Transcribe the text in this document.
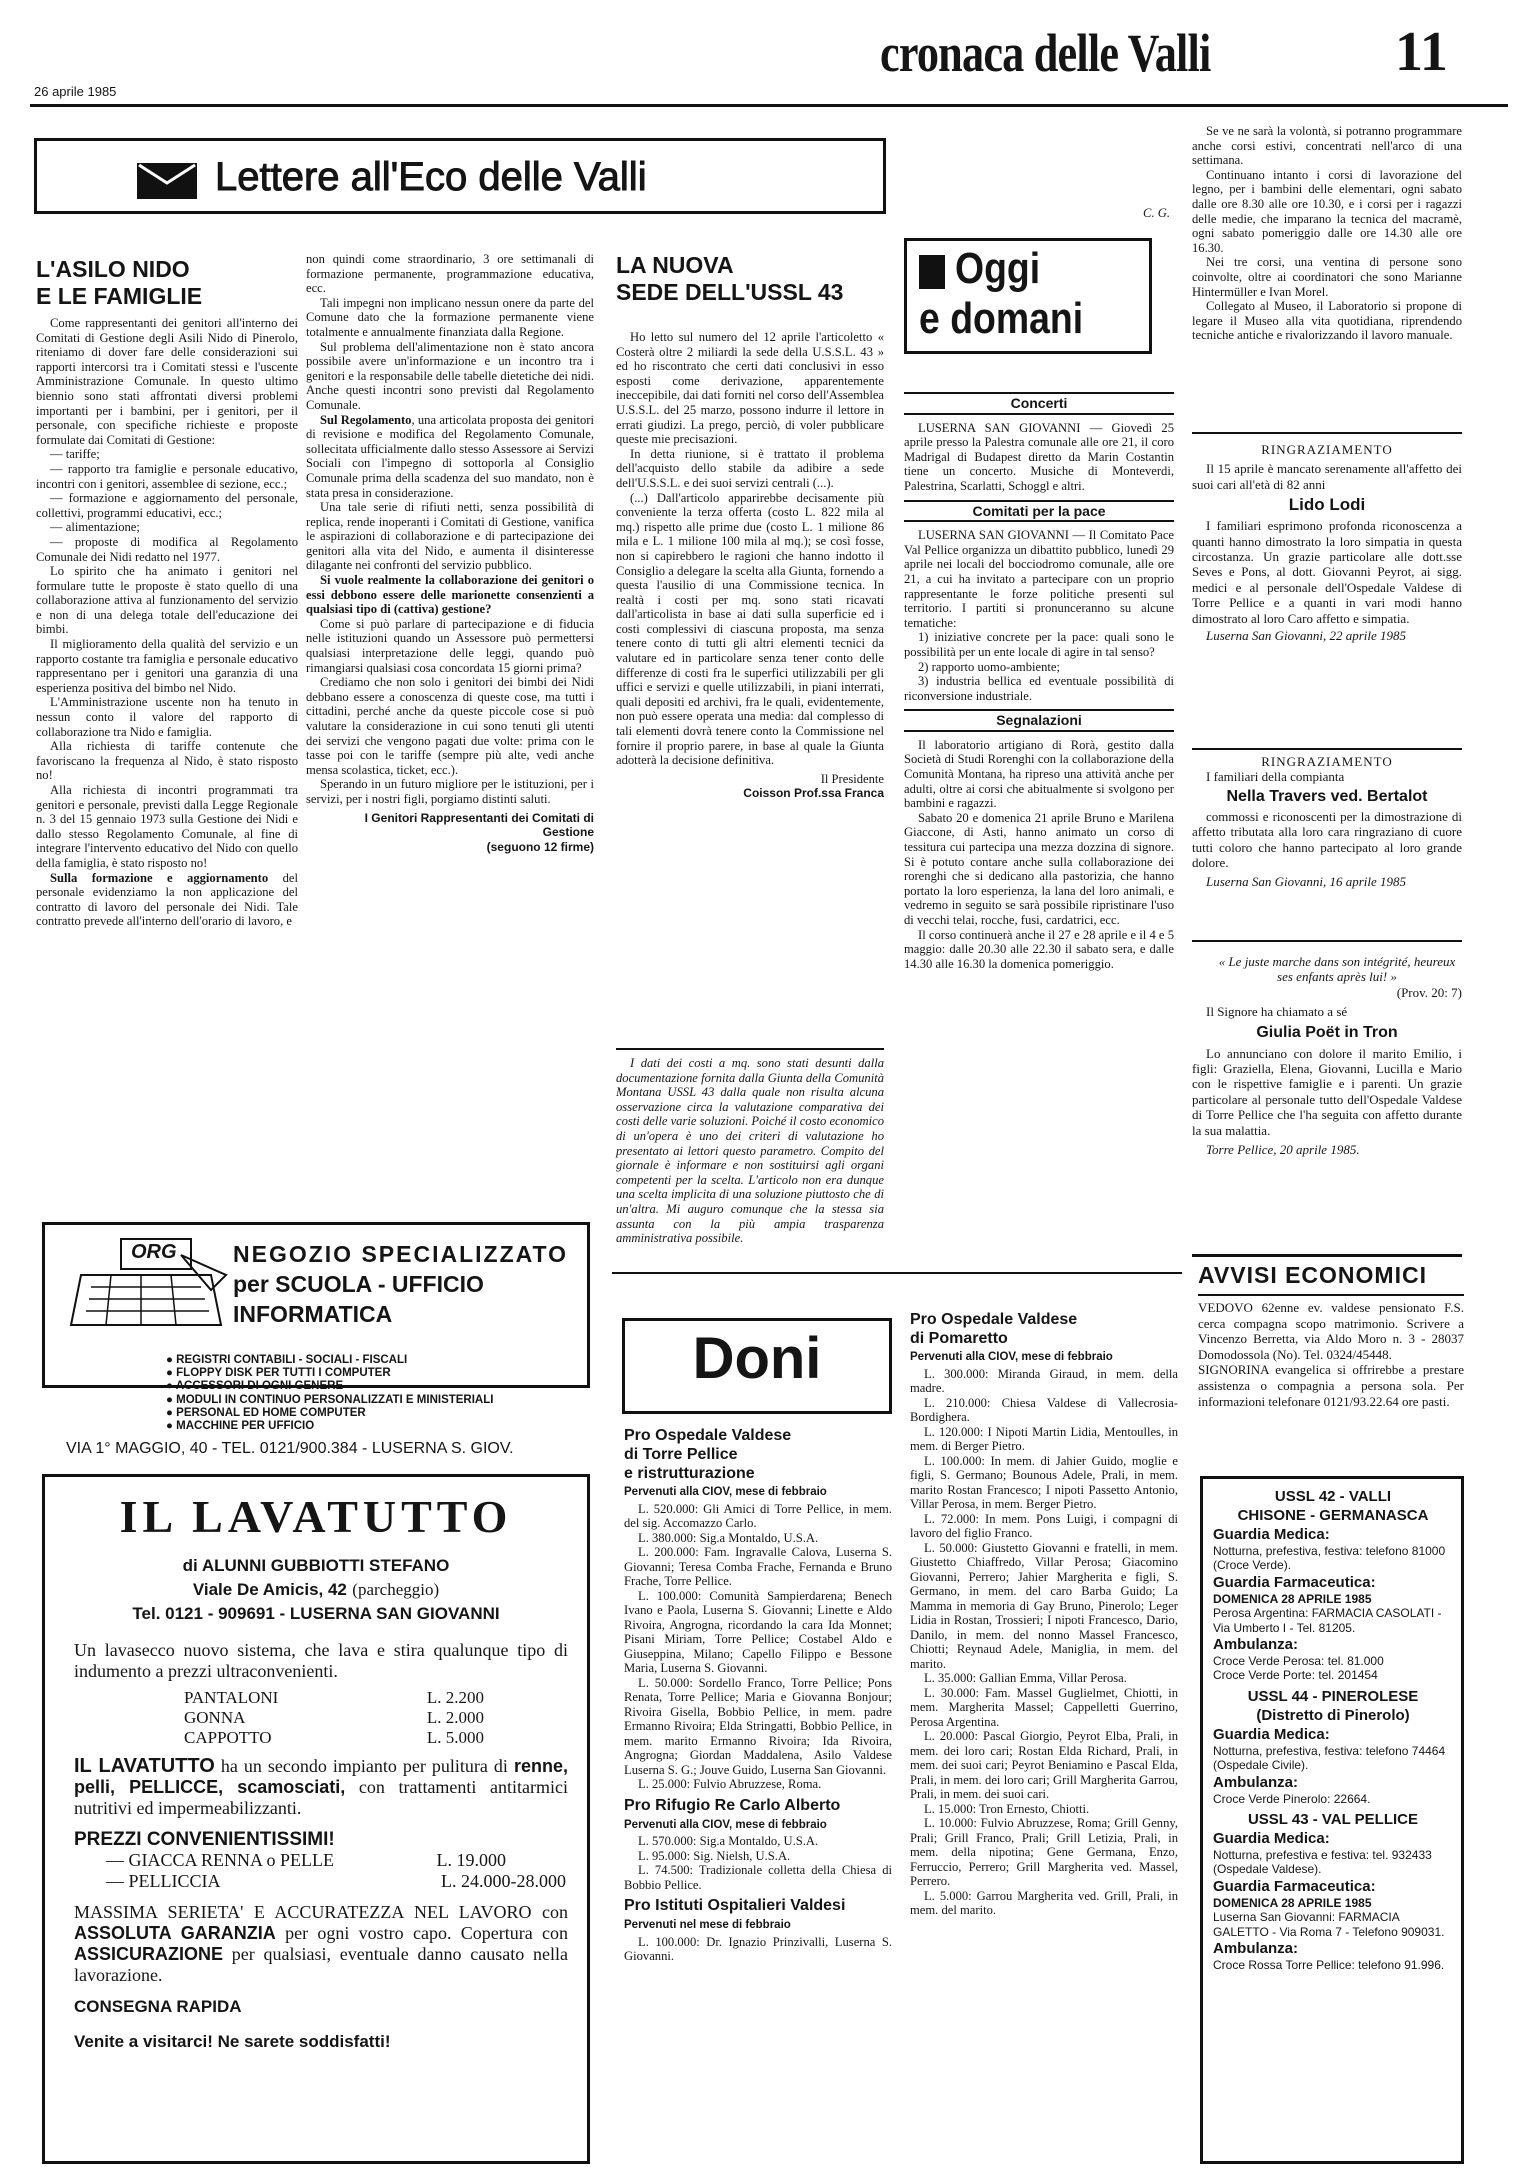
26 aprile 1985
cronaca delle Valli	11
Lettere all'Eco delle Valli
L'ASILO NIDO
E LE FAMIGLIE

Come rappresentanti dei genitori all'interno dei Comitati di Gestione degli Asili Nido di Pinerolo, riteniamo di dover fare delle considerazioni sui rapporti intercorsi tra i Comitati stessi e l'uscente Amministrazione Comunale. In questo ultimo biennio sono stati affrontati diversi problemi importanti per i bambini, per i genitori, per il personale, con specifiche richieste e proposte formulate dai Comitati di Gestione:

— tariffe;

— rapporto tra famiglie e personale educativo, incontri con i genitori, assemblee di sezione, ecc.;

— formazione e aggiornamento del personale, collettivi, programmi educativi, ecc.;

— alimentazione;

— proposte di modifica al Regolamento Comunale dei Nidi redatto nel 1977.

Lo spirito che ha animato i genitori nel formulare tutte le proposte è stato quello di una collaborazione attiva al funzionamento del servizio e non di una delega totale dell'educazione dei bimbi.

Il miglioramento della qualità del servizio e un rapporto costante tra famiglia e personale educativo rappresentano per i genitori una garanzia di una esperienza positiva del bimbo nel Nido.

L'Amministrazione uscente non ha tenuto in nessun conto il valore del rapporto di collaborazione tra Nido e famiglia.

Alla richiesta di tariffe contenute che favoriscano la frequenza al Nido, è stato risposto no!

Alla richiesta di incontri programmati tra genitori e personale, previsti dalla Legge Regionale n. 3 del 15 gennaio 1973 sulla Gestione dei Nidi e dallo stesso Regolamento Comunale, al fine di integrare l'intervento educativo del Nido con quello della famiglia, è stato risposto no!

Sulla formazione e aggiornamento del personale evidenziamo la non applicazione del contratto di lavoro del personale dei Nidi. Tale contratto prevede all'interno dell'orario di lavoro, e

non quindi come straordinario, 3 ore settimanali di formazione permanente, programmazione educativa, ecc.

Tali impegni non implicano nessun onere da parte del Comune dato che la formazione permanente viene totalmente e annualmente finanziata dalla Regione.

Sul problema dell'alimentazione non è stato ancora possibile avere un'informazione e un incontro tra i genitori e la responsabile delle tabelle dietetiche dei nidi. Anche questi incontri sono previsti dal Regolamento Comunale.

Sul Regolamento, una articolata proposta dei genitori di revisione e modifica del Regolamento Comunale, sollecitata ufficialmente dallo stesso Assessore ai Servizi Sociali con l'impegno di sottoporla al Consiglio Comunale prima della scadenza del suo mandato, non è stata presa in considerazione.

Una tale serie di rifiuti netti, senza possibilità di replica, rende inoperanti i Comitati di Gestione, vanifica le aspirazioni di collaborazione e di partecipazione dei genitori alla vita del Nido, e aumenta il disinteresse dilagante nei confronti del servizio pubblico.

Si vuole realmente la collaborazione dei genitori o essi debbono essere delle marionette consenzienti a qualsiasi tipo di (cattiva) gestione?

Come si può parlare di partecipazione e di fiducia nelle istituzioni quando un Assessore può permettersi qualsiasi interpretazione delle leggi, quando può rimangiarsi qualsiasi cosa concordata 15 giorni prima?

Crediamo che non solo i genitori dei bimbi dei Nidi debbano essere a conoscenza di queste cose, ma tutti i cittadini, perché anche da queste piccole cose si può valutare la considerazione in cui sono tenuti gli utenti dei servizi che vengono pagati due volte: prima con le tasse poi con le tariffe (sempre più alte, vedi anche mensa scolastica, ticket, ecc.).

Sperando in un futuro migliore per le istituzioni, per i servizi, per i nostri figli, porgiamo distinti saluti.

I Genitori Rappresentanti dei Comitati di Gestione

(seguono 12 firme)

LA NUOVA
SEDE DELL'USSL 43

Ho letto sul numero del 12 aprile l'articoletto « Costerà oltre 2 miliardi la sede della U.S.S.L. 43 » ed ho riscontrato che certi dati conclusivi in esso esposti come derivazione, apparentemente ineccepibile, dai dati forniti nel corso dell'Assemblea U.S.S.L. del 25 marzo, possono indurre il lettore in errati giudizi. La prego, perciò, di voler pubblicare queste mie precisazioni.

In detta riunione, si è trattato il problema dell'acquisto dello stabile da adibire a sede dell'U.S.S.L. e dei suoi servizi centrali (...).

(...) Dall'articolo apparirebbe decisamente più conveniente la terza offerta (costo L. 822 mila al mq.) rispetto alle prime due (costo L. 1 milione 86 mila e L. 1 milione 100 mila al mq.); se così fosse, non si capirebbero le ragioni che hanno indotto il Consiglio a delegare la scelta alla Giunta, fornendo a questa l'ausilio di una Commissione tecnica. In realtà i costi per mq. sono stati ricavati dall'articolista in base ai dati sulla superficie ed i costi complessivi di ciascuna proposta, ma senza tenere conto di tutti gli altri elementi tecnici da valutare ed in particolare senza tener conto delle differenze di costi fra le superfici utilizzabili per gli uffici e servizi e quelle utilizzabili, in piani interrati, quali depositi ed archivi, fra le quali, evidentemente, non può essere operata una media: dal complesso di tali elementi dovrà tenere conto la Commissione nel fornire il proprio parere, in base al quale la Giunta adotterà la decisione definitiva.

Il Presidente

Coisson Prof.ssa Franca

I dati dei costi a mq. sono stati desunti dalla documentazione fornita dalla Giunta della Comunità Montana USSL 43 dalla quale non risulta alcuna osservazione circa la valutazione comparativa dei costi delle varie soluzioni. Poiché il costo economico di un'opera è uno dei criteri di valutazione ho presentato ai lettori questo parametro. Compito del giornale è informare e non sostituirsi agli organi competenti per la scelta. L'articolo non era dunque una scelta implicita di una soluzione piuttosto che di un'altra. Mi auguro comunque che la stessa sia assunta con la più ampia trasparenza amministrativa possibile.

C. G.
Oggi
e domani
Concerti

LUSERNA SAN GIOVANNI — Giovedì 25 aprile presso la Palestra comunale alle ore 21, il coro Madrigal di Budapest diretto da Marin Costantin tiene un concerto. Musiche di Monteverdi, Palestrina, Scarlatti, Schoggl e altri.

Comitati per la pace

LUSERNA SAN GIOVANNI — Il Comitato Pace Val Pellice organizza un dibattito pubblico, lunedì 29 aprile nei locali del bocciodromo comunale, alle ore 21, a cui ha invitato a partecipare con un proprio rappresentante le forze politiche presenti sul territorio. I partiti si pronunceranno su alcune tematiche:

1) iniziative concrete per la pace: quali sono le possibilità per un ente locale di agire in tal senso?

2) rapporto uomo-ambiente;

3) industria bellica ed eventuale possibilità di riconversione industriale.

Segnalazioni

Il laboratorio artigiano di Rorà, gestito dalla Società di Studi Rorenghi con la collaborazione della Comunità Montana, ha ripreso una attività anche per adulti, oltre ai corsi che abitualmente si svolgono per bambini e ragazzi.

Sabato 20 e domenica 21 aprile Bruno e Marilena Giaccone, di Asti, hanno animato un corso di tessitura cui partecipa una mezza dozzina di signore. Si è potuto contare anche sulla collaborazione dei rorenghi che si dedicano alla pastorizia, che hanno portato la loro esperienza, la lana del loro animali, e vedremo in seguito se sarà possibile ripristinare l'uso di vecchi telai, rocche, fusi, cardatrici, ecc.

Il corso continuerà anche il 27 e 28 aprile e il 4 e 5 maggio: dalle 20.30 alle 22.30 il sabato sera, e dalle 14.30 alle 16.30 la domenica pomeriggio.

Se ve ne sarà la volontà, si potranno programmare anche corsi estivi, concentrati nell'arco di una settimana.

Continuano intanto i corsi di lavorazione del legno, per i bambini delle elementari, ogni sabato dalle ore 8.30 alle ore 10.30, e i corsi per i ragazzi delle medie, che imparano la tecnica del macramè, ogni sabato pomeriggio dalle ore 14.30 alle ore 16.30.

Nei tre corsi, una ventina di persone sono coinvolte, oltre ai coordinatori che sono Marianne Hintermüller e Ivan Morel.

Collegato al Museo, il Laboratorio si propone di legare il Museo alla vita quotidiana, riprendendo tecniche antiche e rivalorizzando il lavoro manuale.

RINGRAZIAMENTO

Il 15 aprile è mancato serenamente all'affetto dei suoi cari all'età di 82 anni

Lido Lodi

I familiari esprimono profonda riconoscenza a quanti hanno dimostrato la loro simpatia in questa circostanza. Un grazie particolare alle dott.sse Seves e Pons, al dott. Giovanni Peyrot, ai sigg. medici e al personale dell'Ospedale Valdese di Torre Pellice e a quanti in vari modi hanno dimostrato al loro Caro affetto e simpatia.

Luserna San Giovanni, 22 aprile 1985

RINGRAZIAMENTO

I familiari della compianta

Nella Travers ved. Bertalot

commossi e riconoscenti per la dimostrazione di affetto tributata alla loro cara ringraziano di cuore tutti coloro che hanno partecipato al loro grande dolore.

Luserna San Giovanni, 16 aprile 1985

« Le juste marche dans son intégrité, heureux ses enfants après lui! »

(Prov. 20: 7)

Il Signore ha chiamato a sé

Giulia Poët in Tron

Lo annunciano con dolore il marito Emilio, i figli: Graziella, Elena, Giovanni, Lucilla e Mario con le rispettive famiglie e i parenti. Un grazie particolare al personale tutto dell'Ospedale Valdese di Torre Pellice che l'ha seguita con affetto durante la sua malattia.

Torre Pellice, 20 aprile 1985.

AVVISI ECONOMICI

VEDOVO 62enne ev. valdese pensionato F.S. cerca compagna scopo matrimonio. Scrivere a Vincenzo Berretta, via Aldo Moro n. 3 - 28037 Domodossola (No). Tel. 0324/45448.

SIGNORINA evangelica si offrirebbe a prestare assistenza o compagnia a persona sola. Per informazioni telefonare 0121/93.22.64 ore pasti.

USSL 42 - VALLI
CHISONE - GERMANASCA
Guardia Medica:
Notturna, prefestiva, festiva: telefono 81000 (Croce Verde).
Guardia Farmaceutica:
DOMENICA 28 APRILE 1985
Perosa Argentina: FARMACIA CASOLATI - Via Umberto I - Tel. 81205.
Ambulanza:
Croce Verde Perosa: tel. 81.000
Croce Verde Porte: tel. 201454
USSL 44 - PINEROLESE
(Distretto di Pinerolo)
Guardia Medica:
Notturna, prefestiva, festiva: telefono 74464 (Ospedale Civile).
Ambulanza:
Croce Verde Pinerolo: 22664.
USSL 43 - VAL PELLICE
Guardia Medica:
Notturna, prefestiva e festiva: tel. 932433 (Ospedale Valdese).
Guardia Farmaceutica:
DOMENICA 28 APRILE 1985
Luserna San Giovanni: FARMACIA GALETTO - Via Roma 7 - Telefono 909031.
Ambulanza:
Croce Rossa Torre Pellice: telefono 91.996.
ORG NEGOZIO SPECIALIZZATO
per SCUOLA - UFFICIO
INFORMATICA
● REGISTRI CONTABILI - SOCIALI - FISCALI
● FLOPPY DISK PER TUTTI I COMPUTER
● ACCESSORI DI OGNI GENERE
● MODULI IN CONTINUO PERSONALIZZATI E MINISTERIALI
● PERSONAL ED HOME COMPUTER
● MACCHINE PER UFFICIO
VIA 1° MAGGIO, 40 - TEL. 0121/900.384 - LUSERNA S. GIOV.
IL LAVATUTTO
di ALUNNI GUBBIOTTI STEFANO
Viale De Amicis, 42 (parcheggio)
Tel. 0121 - 909691 - LUSERNA SAN GIOVANNI

Un lavasecco nuovo sistema, che lava e stira qualunque tipo di indumento a prezzi ultraconvenienti.

PANTALONI	L. 2.200
GONNA	L. 2.000
CAPPOTTO	L. 5.000

IL LAVATUTTO ha un secondo impianto per pulitura di renne, pelli, PELLICCE, scamosciati, con trattamenti antitarmici nutritivi ed impermeabilizzanti.

PREZZI CONVENIENTISSIMI!

— GIACCA RENNA o PELLE	L. 19.000
— PELLICCIA	L. 24.000-28.000

MASSIMA SERIETA' E ACCURATEZZA NEL LAVORO con ASSOLUTA GARANZIA per ogni vostro capo. Copertura con ASSICURAZIONE per qualsiasi, eventuale danno causato nella lavorazione.

CONSEGNA RAPIDA

Venite a visitarci! Ne sarete soddisfatti!

Doni
Pro Ospedale Valdese
di Torre Pellice
e ristrutturazione
Pervenuti alla CIOV, mese di febbraio

L. 520.000: Gli Amici di Torre Pellice, in mem. del sig. Accomazzo Carlo.

L. 380.000: Sig.a Montaldo, U.S.A.

L. 200.000: Fam. Ingravalle Calova, Luserna S. Giovanni; Teresa Comba Frache, Fernanda e Bruno Frache, Torre Pellice.

L. 100.000: Comunità Sampierdarena; Benech Ivano e Paola, Luserna S. Giovanni; Linette e Aldo Rivoira, Angrogna, ricordando la cara Ida Monnet; Pisani Miriam, Torre Pellice; Costabel Aldo e Giuseppina, Milano; Capello Filippo e Bessone Maria, Luserna S. Giovanni.

L. 50.000: Sordello Franco, Torre Pellice; Pons Renata, Torre Pellice; Maria e Giovanna Bonjour; Rivoira Gisella, Bobbio Pellice, in mem. padre Ermanno Rivoira; Elda Stringatti, Bobbio Pellice, in mem. marito Ermanno Rivoira; Ida Rivoira, Angrogna; Giordan Maddalena, Asilo Valdese Luserna S. G.; Jouve Guido, Luserna San Giovanni.

L. 25.000: Fulvio Abruzzese, Roma.

Pro Rifugio Re Carlo Alberto
Pervenuti alla CIOV, mese di febbraio

L. 570.000: Sig.a Montaldo, U.S.A.

L. 95.000: Sig. Nielsh, U.S.A.

L. 74.500: Tradizionale colletta della Chiesa di Bobbio Pellice.

Pro Istituti Ospitalieri Valdesi
Pervenuti nel mese di febbraio

L. 100.000: Dr. Ignazio Prinzivalli, Luserna S. Giovanni.

Pro Ospedale Valdese
di Pomaretto
Pervenuti alla CIOV, mese di febbraio

L. 300.000: Miranda Giraud, in mem. della madre.

L. 210.000: Chiesa Valdese di Vallecrosia-Bordighera.

L. 120.000: I Nipoti Martin Lidia, Mentoulles, in mem. di Berger Pietro.

L. 100.000: In mem. di Jahier Guido, moglie e figli, S. Germano; Bounous Adele, Prali, in mem. marito Rostan Francesco; I nipoti Passetto Antonio, Villar Perosa, in mem. Berger Pietro.

L. 72.000: In mem. Pons Luigi, i compagni di lavoro del figlio Franco.

L. 50.000: Giustetto Giovanni e fratelli, in mem. Giustetto Chiaffredo, Villar Perosa; Giacomino Giovanni, Perrero; Jahier Margherita e figli, S. Germano, in mem. del caro Barba Guido; La Mamma in memoria di Gay Bruno, Pinerolo; Leger Lidia in Rostan, Trossieri; I nipoti Francesco, Dario, Danilo, in mem. del nonno Massel Francesco, Chiotti; Reynaud Adele, Maniglia, in mem. del marito.

L. 35.000: Gallian Emma, Villar Perosa.

L. 30.000: Fam. Massel Guglielmet, Chiotti, in mem. Margherita Massel; Cappelletti Guerrino, Perosa Argentina.

L. 20.000: Pascal Giorgio, Peyrot Elba, Prali, in mem. dei loro cari; Rostan Elda Richard, Prali, in mem. dei suoi cari; Peyrot Beniamino e Pascal Elda, Prali, in mem. dei loro cari; Grill Margherita Garrou, Prali, in mem. dei suoi cari.

L. 15.000: Tron Ernesto, Chiotti.

L. 10.000: Fulvio Abruzzese, Roma; Grill Genny, Prali; Grill Franco, Prali; Grill Letizia, Prali, in mem. della nipotina; Gene Germana, Enzo, Ferruccio, Perrero; Grill Margherita ved. Massel, Perrero.

L. 5.000: Garrou Margherita ved. Grill, Prali, in mem. del marito.
